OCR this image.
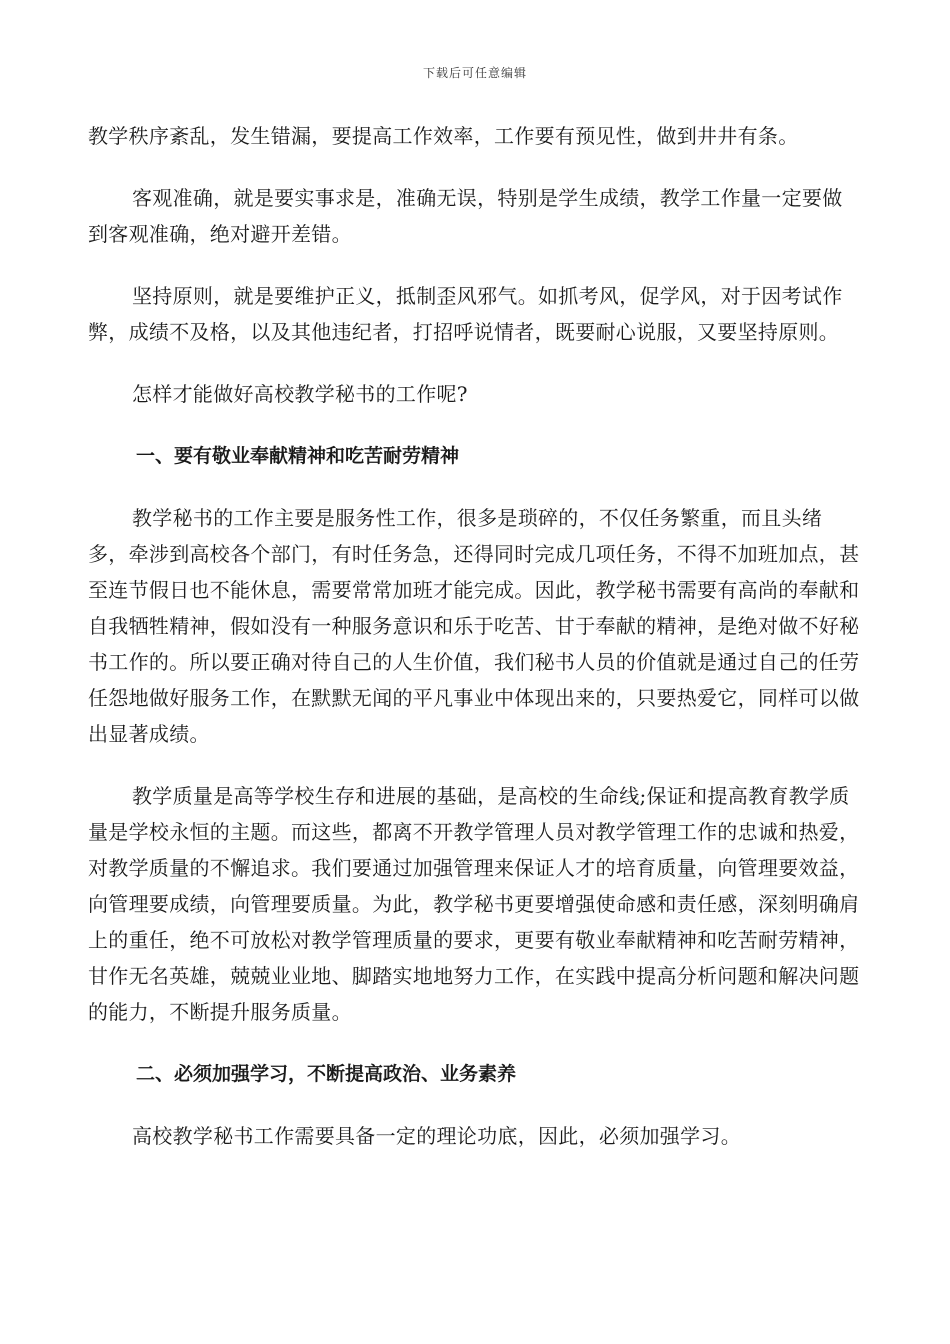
下载后可任意编辑

教学秩序紊乱，发生错漏，要提高工作效率，工作要有预见性，做到井井有条。

客观准确，就是要实事求是，准确无误，特别是学生成绩，教学工作量一定要做到客观准确，绝对避开差错。

坚持原则，就是要维护正义，抵制歪风邪气。如抓考风，促学风，对于因考试作弊，成绩不及格，以及其他违纪者，打招呼说情者，既要耐心说服，又要坚持原则。

怎样才能做好高校教学秘书的工作呢?

一、要有敬业奉献精神和吃苦耐劳精神

教学秘书的工作主要是服务性工作，很多是琐碎的，不仅任务繁重，而且头绪多，牵涉到高校各个部门，有时任务急，还得同时完成几项任务，不得不加班加点，甚至连节假日也不能休息，需要常常加班才能完成。因此，教学秘书需要有高尚的奉献和自我牺牲精神，假如没有一种服务意识和乐于吃苦、甘于奉献的精神，是绝对做不好秘书工作的。所以要正确对待自己的人生价值，我们秘书人员的价值就是通过自己的任劳任怨地做好服务工作，在默默无闻的平凡事业中体现出来的，只要热爱它，同样可以做出显著成绩。

教学质量是高等学校生存和进展的基础，是高校的生命线;保证和提高教育教学质量是学校永恒的主题。而这些，都离不开教学管理人员对教学管理工作的忠诚和热爱，对教学质量的不懈追求。我们要通过加强管理来保证人才的培育质量，向管理要效益，向管理要成绩，向管理要质量。为此，教学秘书更要增强使命感和责任感，深刻明确肩上的重任，绝不可放松对教学管理质量的要求，更要有敬业奉献精神和吃苦耐劳精神，甘作无名英雄，兢兢业业地、脚踏实地地努力工作，在实践中提高分析问题和解决问题的能力，不断提升服务质量。

二、必须加强学习，不断提高政治、业务素养

高校教学秘书工作需要具备一定的理论功底，因此，必须加强学习。
